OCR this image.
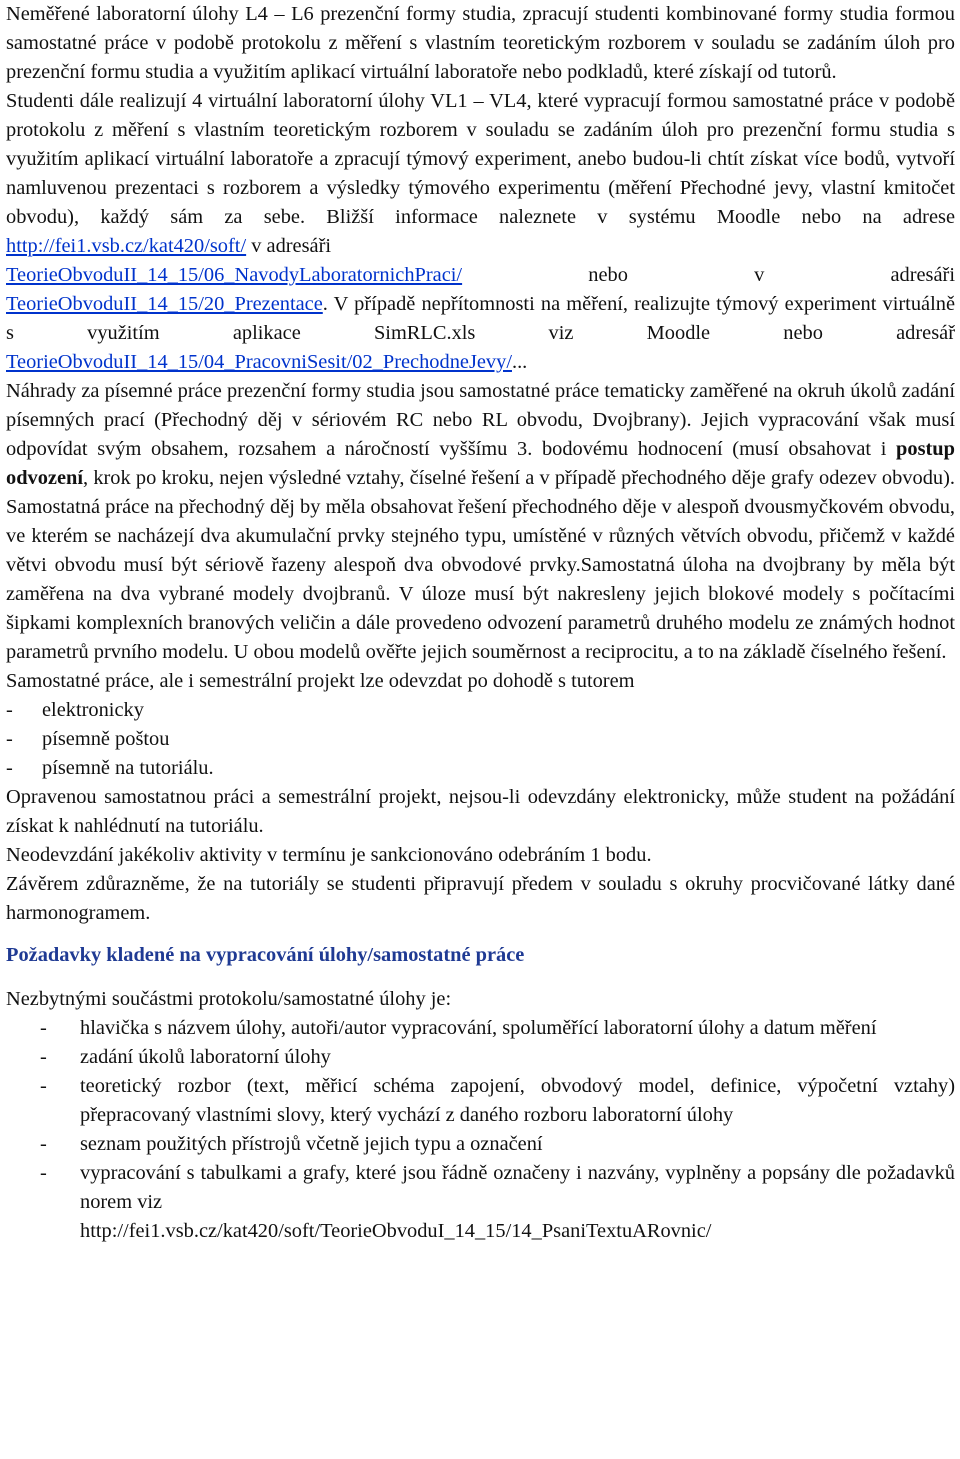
Neměřené laboratorní úlohy L4 – L6 prezenční formy studia, zpracují studenti kombinované formy studia formou samostatné práce v podobě protokolu z měření s vlastním teoretickým rozborem v souladu se zadáním úloh pro prezenční formu studia a využitím aplikací virtuální laboratoře nebo podkladů, které získají od tutorů.

Studenti dále realizují 4 virtuální laboratorní úlohy VL1 – VL4, které vypracují formou samostatné práce v podobě protokolu z měření s vlastním teoretickým rozborem v souladu se zadáním úloh pro prezenční formu studia s využitím aplikací virtuální laboratoře a zpracují týmový experiment, anebo budou-li chtít získat více bodů, vytvoří namluvenou prezentaci s rozborem a výsledky týmového experimentu (měření Přechodné jevy, vlastní kmitočet obvodu), každý sám za sebe. Bližší informace naleznete v systému Moodle nebo na adrese http://fei1.vsb.cz/kat420/soft/ v adresáři

TeorieObvoduII_14_15/06_NavodyLaboratornichPraci/ nebo v adresáři

TeorieObvoduII_14_15/20_Prezentace. V případě nepřítomnosti na měření, realizujte týmový experiment virtuálně s využitím aplikace SimRLC.xls viz Moodle nebo adresář TeorieObvoduII_14_15/04_PracovniSesit/02_PrechodneJevy/...

Náhrady za písemné práce prezenční formy studia jsou samostatné práce tematicky zaměřené na okruh úkolů zadání písemných prací (Přechodný děj v sériovém RC nebo RL obvodu, Dvojbrany). Jejich vypracování však musí odpovídat svým obsahem, rozsahem a náročností vyššímu 3. bodovému hodnocení (musí obsahovat i postup odvození, krok po kroku, nejen výsledné vztahy, číselné řešení a v případě přechodného děje grafy odezev obvodu). Samostatná práce na přechodný děj by měla obsahovat řešení přechodného děje v alespoň dvousmyčkovém obvodu, ve kterém se nacházejí dva akumulační prvky stejného typu, umístěné v různých větvích obvodu, přičemž v každé větvi obvodu musí být sériově řazeny alespoň dva obvodové prvky.Samostatná úloha na dvojbrany by měla být zaměřena na dva vybrané modely dvojbranů. V úloze musí být nakresleny jejich blokové modely s počítacími šipkami komplexních branových veličin a dále provedeno odvození parametrů druhého modelu ze známých hodnot parametrů prvního modelu. U obou modelů ověřte jejich souměrnost a reciprocitu, a to na základě číselného řešení.

Samostatné práce, ale i semestrální projekt lze odevzdat po dohodě s tutorem

- elektronicky
- písemně poštou
- písemně na tutoriálu.

Opravenou samostatnou práci a semestrální projekt, nejsou-li odevzdány elektronicky, může student na požádání získat k nahlédnutí na tutoriálu.

Neodevzdání jakékoliv aktivity v termínu je sankcionováno odebráním 1 bodu.

Závěrem zdůrazněme, že na tutoriály se studenti připravují předem v souladu s okruhy procvičované látky dané harmonogramem.

Požadavky kladené na vypracování úlohy/samostatné práce

Nezbytnými součástmi protokolu/samostatné úlohy je:

- hlavička s názvem úlohy, autoři/autor vypracování, spoluměřící laboratorní úlohy a datum měření
- zadání úkolů laboratorní úlohy
- teoretický rozbor (text, měřicí schéma zapojení, obvodový model, definice, výpočetní vztahy) přepracovaný vlastními slovy, který vychází z daného rozboru laboratorní úlohy
- seznam použitých přístrojů včetně jejich typu a označení
- vypracování s tabulkami a grafy, které jsou řádně označeny i nazvány, vyplněny a popsány dle požadavků norem viz
http://fei1.vsb.cz/kat420/soft/TeorieObvoduI_14_15/14_PsaniTextuARovnic/
